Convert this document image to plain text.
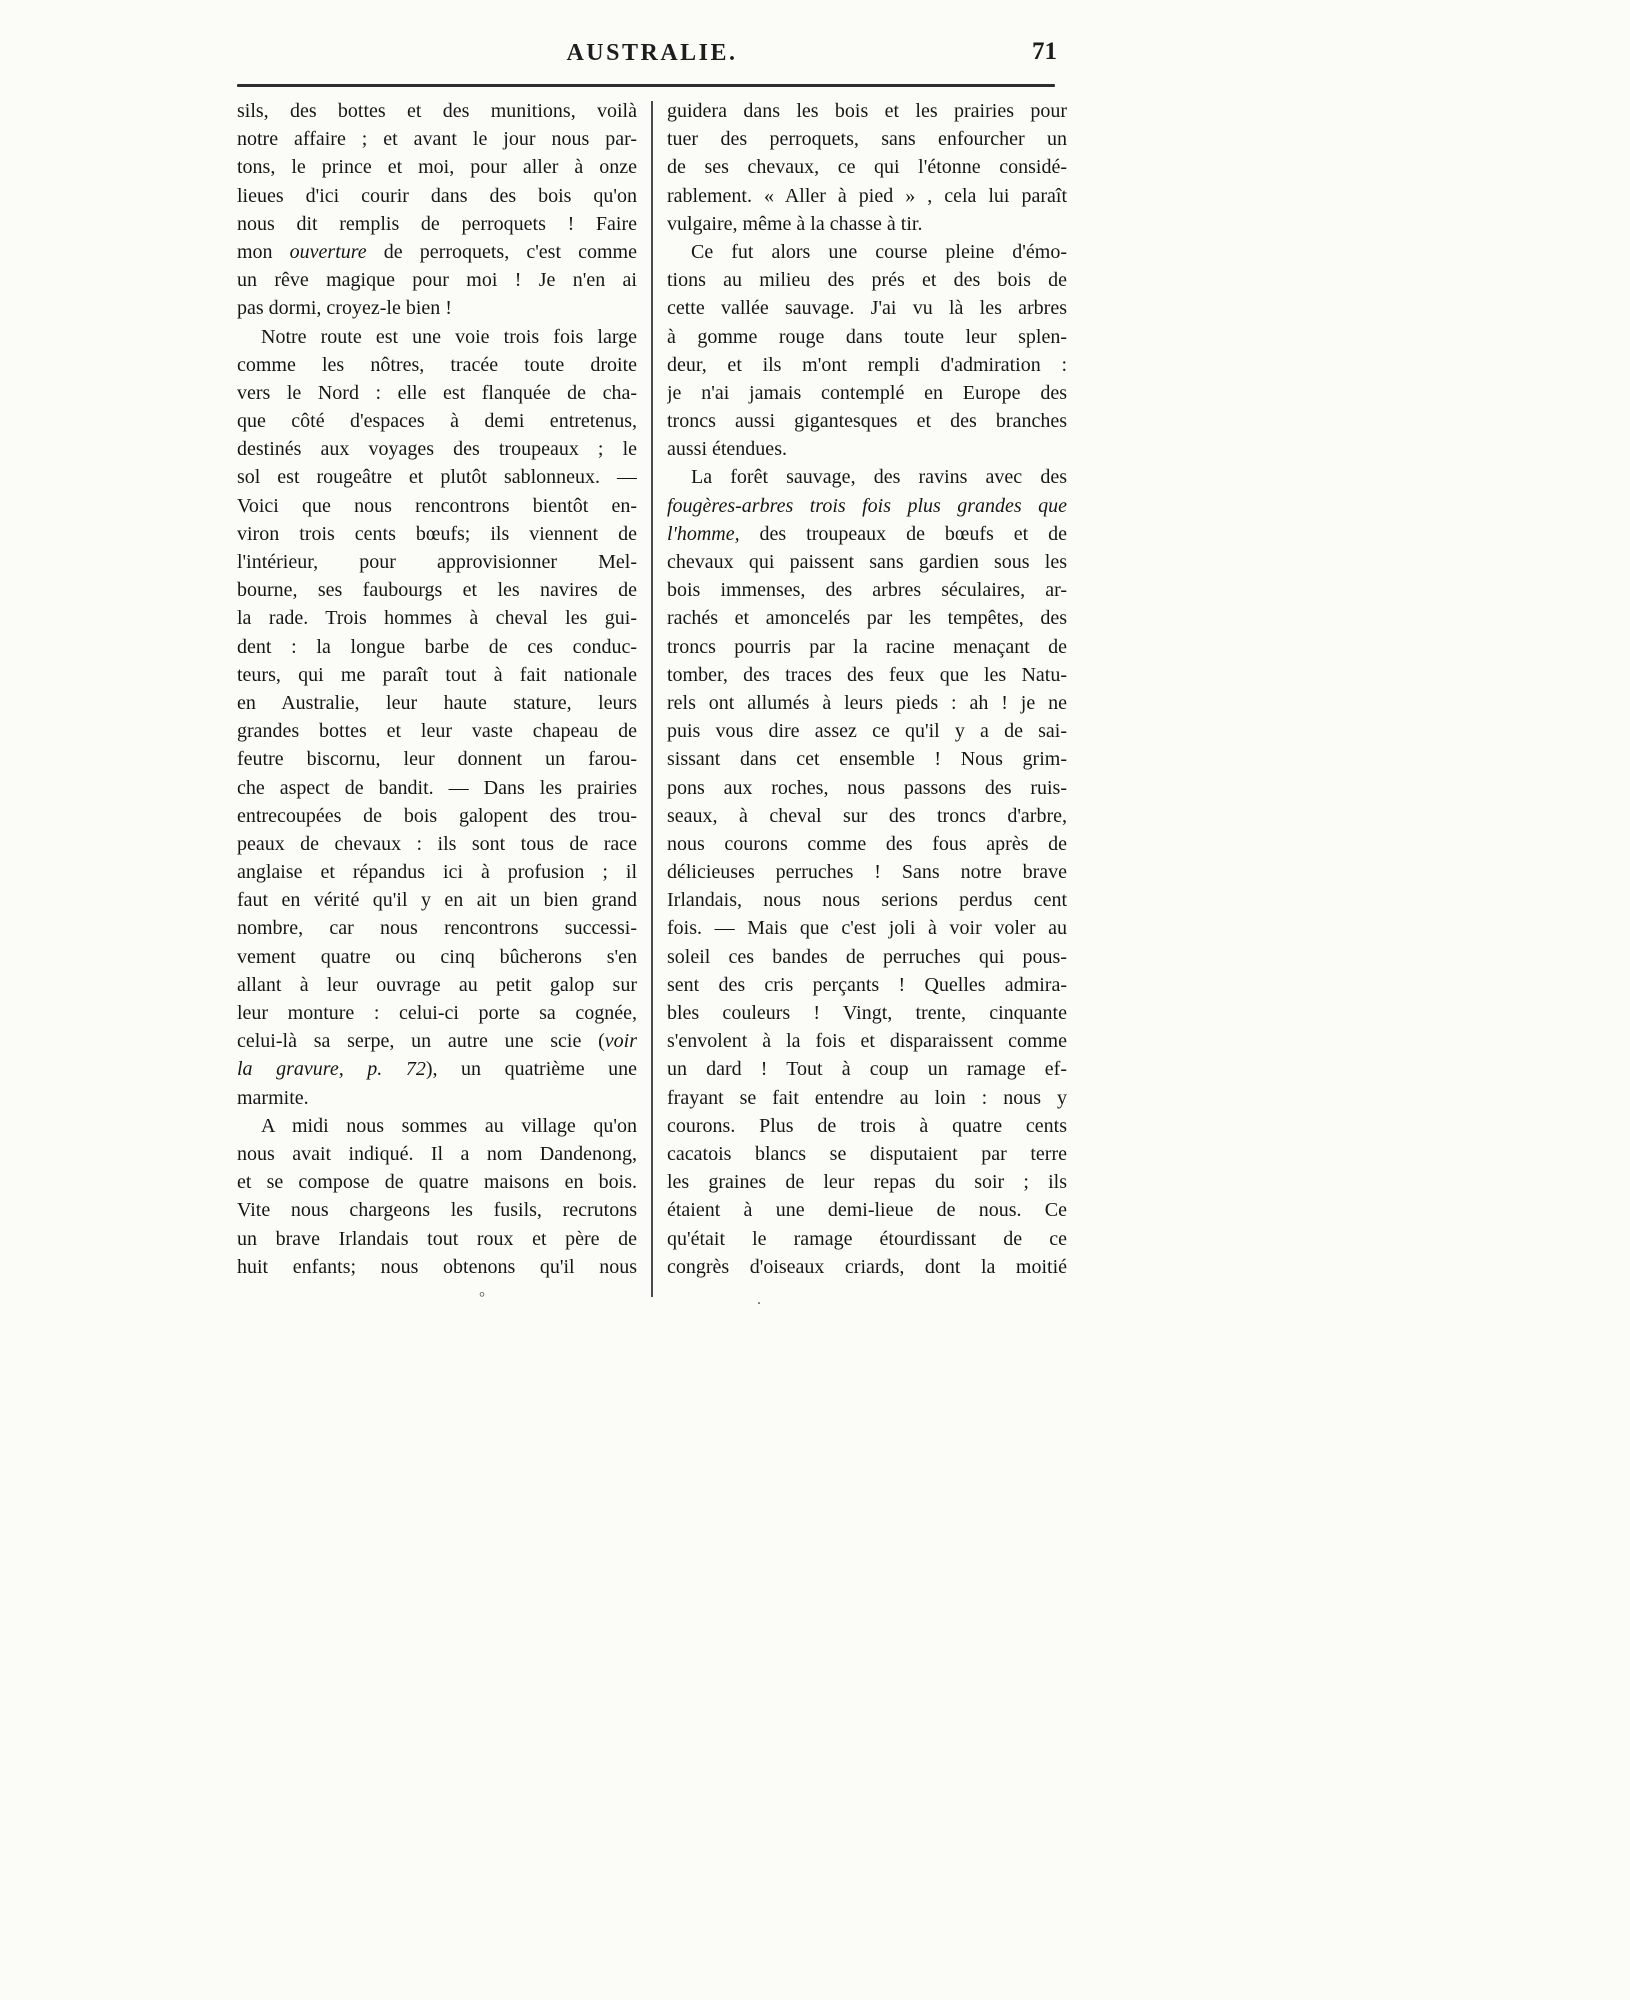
AUSTRALIE.	71
sils, des bottes et des munitions, voilà
notre affaire ; et avant le jour nous par-
tons, le prince et moi, pour aller à onze
lieues d'ici courir dans des bois qu'on
nous dit remplis de perroquets ! Faire
mon ouverture de perroquets, c'est comme
un rêve magique pour moi ! Je n'en ai
pas dormi, croyez-le bien !
Notre route est une voie trois fois large
comme les nôtres, tracée toute droite
vers le Nord : elle est flanquée de cha-
que côté d'espaces à demi entretenus,
destinés aux voyages des troupeaux ; le
sol est rougeâtre et plutôt sablonneux. —
Voici que nous rencontrons bientôt en-
viron trois cents bœufs; ils viennent de
l'intérieur, pour approvisionner Mel-
bourne, ses faubourgs et les navires de
la rade. Trois hommes à cheval les gui-
dent : la longue barbe de ces conduc-
teurs, qui me paraît tout à fait nationale
en Australie, leur haute stature, leurs
grandes bottes et leur vaste chapeau de
feutre biscornu, leur donnent un farou-
che aspect de bandit. — Dans les prairies
entrecoupées de bois galopent des trou-
peaux de chevaux : ils sont tous de race
anglaise et répandus ici à profusion ; il
faut en vérité qu'il y en ait un bien grand
nombre, car nous rencontrons successi-
vement quatre ou cinq bûcherons s'en
allant à leur ouvrage au petit galop sur
leur monture : celui-ci porte sa cognée,
celui-là sa serpe, un autre une scie (voir
la gravure, p. 72), un quatrième une
marmite.
A midi nous sommes au village qu'on
nous avait indiqué. Il a nom Dandenong,
et se compose de quatre maisons en bois.
Vite nous chargeons les fusils, recrutons
un brave Irlandais tout roux et père de
huit enfants; nous obtenons qu'il nous
guidera dans les bois et les prairies pour
tuer des perroquets, sans enfourcher un
de ses chevaux, ce qui l'étonne considé-
rablement. « Aller à pied » , cela lui paraît
vulgaire, même à la chasse à tir.
Ce fut alors une course pleine d'émo-
tions au milieu des prés et des bois de
cette vallée sauvage. J'ai vu là les arbres
à gomme rouge dans toute leur splen-
deur, et ils m'ont rempli d'admiration :
je n'ai jamais contemplé en Europe des
troncs aussi gigantesques et des branches
aussi étendues.
La forêt sauvage, des ravins avec des
fougères-arbres trois fois plus grandes que
l'homme, des troupeaux de bœufs et de
chevaux qui paissent sans gardien sous les
bois immenses, des arbres séculaires, ar-
rachés et amoncelés par les tempêtes, des
troncs pourris par la racine menaçant de
tomber, des traces des feux que les Natu-
rels ont allumés à leurs pieds : ah ! je ne
puis vous dire assez ce qu'il y a de sai-
sissant dans cet ensemble ! Nous grim-
pons aux roches, nous passons des ruis-
seaux, à cheval sur des troncs d'arbre,
nous courons comme des fous après de
délicieuses perruches ! Sans notre brave
Irlandais, nous nous serions perdus cent
fois. — Mais que c'est joli à voir voler au
soleil ces bandes de perruches qui pous-
sent des cris perçants ! Quelles admira-
bles couleurs ! Vingt, trente, cinquante
s'envolent à la fois et disparaissent comme
un dard ! Tout à coup un ramage ef-
frayant se fait entendre au loin : nous y
courons. Plus de trois à quatre cents
cacatois blancs se disputaient par terre
les graines de leur repas du soir ; ils
étaient à une demi-lieue de nous. Ce
qu'était le ramage étourdissant de ce
congrès d'oiseaux criards, dont la moitié
°	.
